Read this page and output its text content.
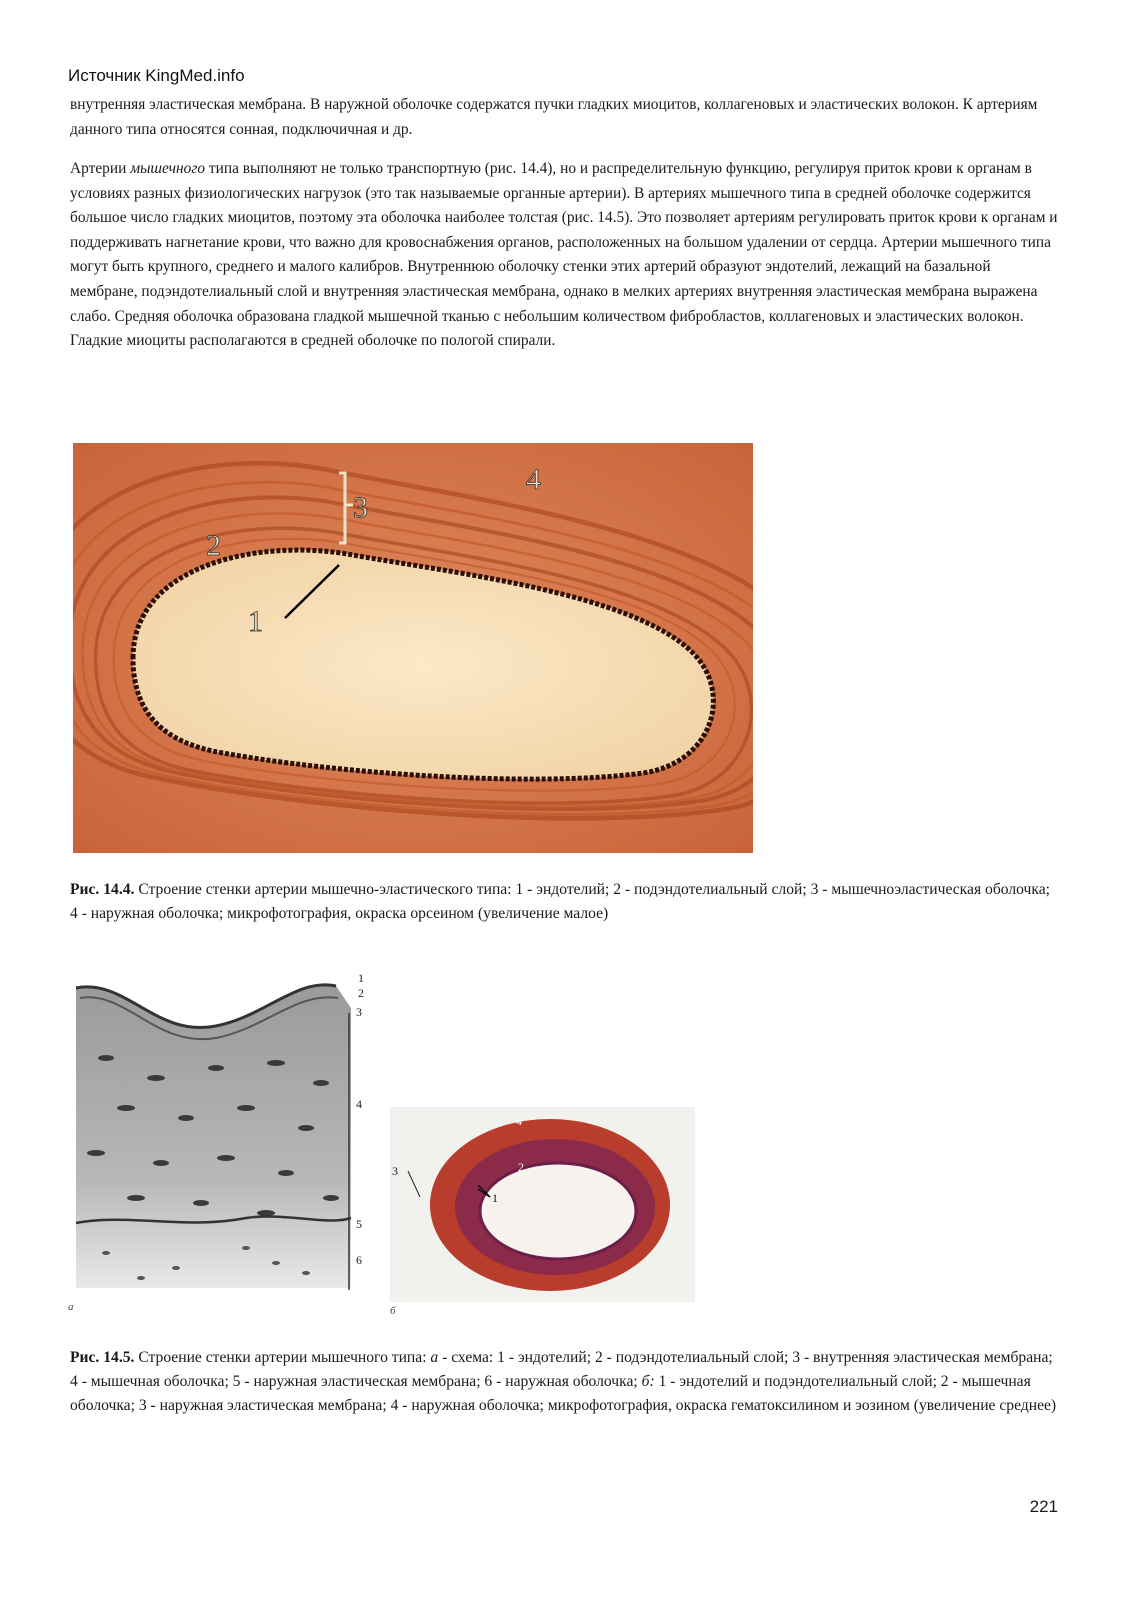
Источник KingMed.info

внутренняя эластическая мембрана. В наружной оболочке содержатся пучки гладких миоцитов, коллагеновых и эластических волокон. К артериям данного типа относятся сонная, подключичная и др.

Артерии мышечного типа выполняют не только транспортную (рис. 14.4), но и распределительную функцию, регулируя приток крови к органам в условиях разных физиологических нагрузок (это так называемые органные артерии). В артериях мышечного типа в средней оболочке содержится большое число гладких миоцитов, поэтому эта оболочка наиболее толстая (рис. 14.5). Это позволяет артериям регулировать приток крови к органам и поддерживать нагнетание крови, что важно для кровоснабжения органов, расположенных на большом удалении от сердца. Артерии мышечного типа могут быть крупного, среднего и малого калибров. Внутреннюю оболочку стенки этих артерий образуют эндотелий, лежащий на базальной мембране, подэндотелиальный слой и внутренняя эластическая мембрана, однако в мелких артериях внутренняя эластическая мембрана выражена слабо. Средняя оболочка образована гладкой мышечной тканью с небольшим количеством фибробластов, коллагеновых и эластических волокон. Гладкие миоциты располагаются в средней оболочке по пологой спирали.

1
2
3
4

Рис. 14.4. Строение стенки артерии мышечно-эластического типа: 1 - эндотелий; 2 - подэндотелиальный слой; 3 - мышечноэластическая оболочка; 4 - наружная оболочка; микрофотография, окраска орсеином (увеличение малое)

1
2
3
4
5
6
а
4
2
3
1
б

Рис. 14.5. Строение стенки артерии мышечного типа: а - схема: 1 - эндотелий; 2 - подэндотелиальный слой; 3 - внутренняя эластическая мембрана; 4 - мышечная оболочка; 5 - наружная эластическая мембрана; 6 - наружная оболочка; б: 1 - эндотелий и подэндотелиальный слой; 2 - мышечная оболочка; 3 - наружная эластическая мембрана; 4 - наружная оболочка; микрофотография, окраска гематоксилином и эозином (увеличение среднее)

221
